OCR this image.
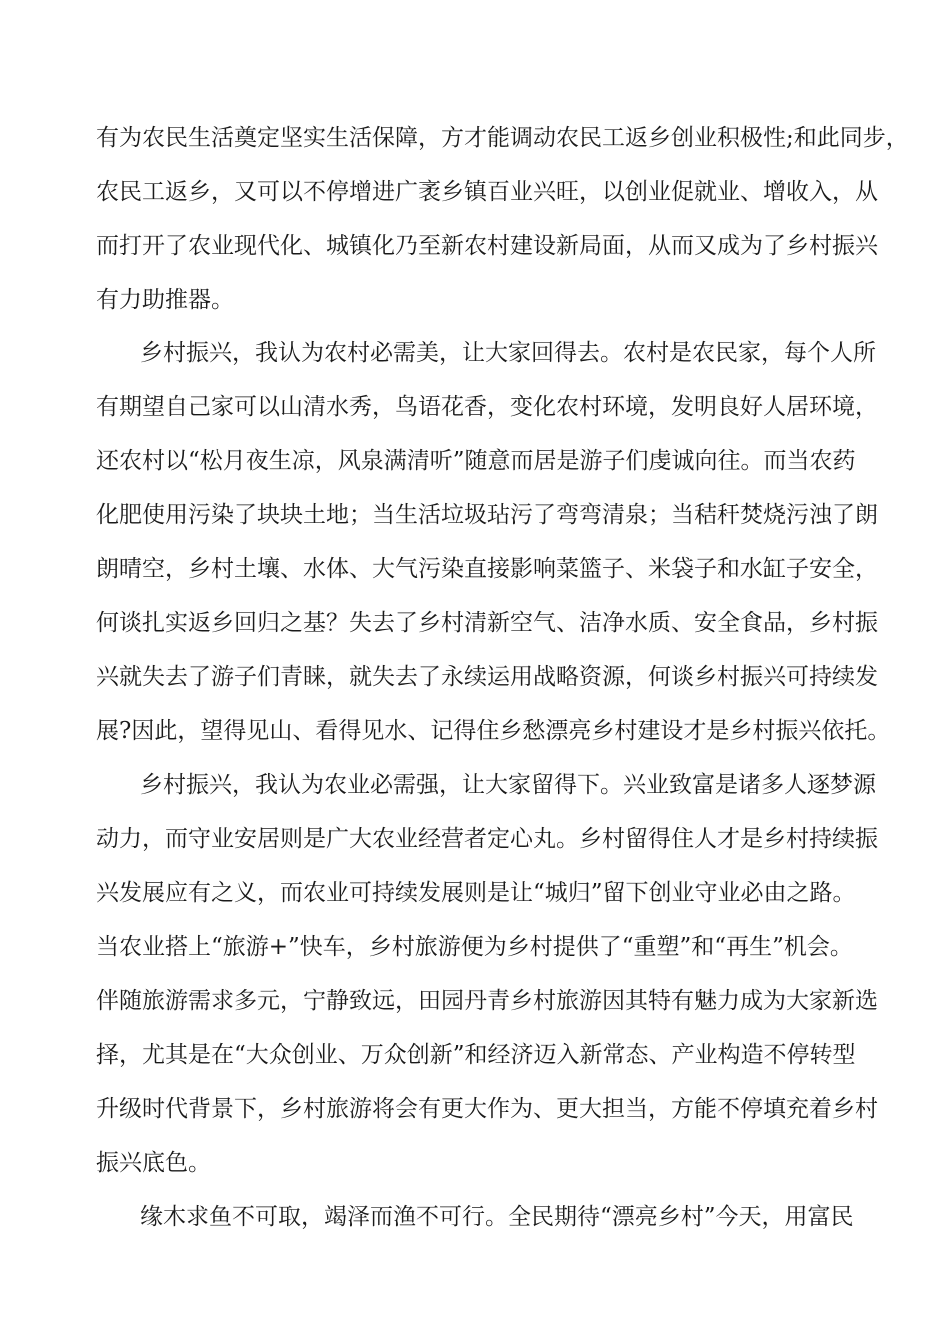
有为农民生活奠定坚实生活保障，方才能调动农民工返乡创业积极性;和此同步，
农民工返乡，又可以不停增进广袤乡镇百业兴旺，以创业促就业、增收入，从
而打开了农业现代化、城镇化乃至新农村建设新局面，从而又成为了乡村振兴
有力助推器。
乡村振兴，我认为农村必需美，让大家回得去。农村是农民家，每个人所
有期望自己家可以山清水秀，鸟语花香，变化农村环境，发明良好人居环境，
还农村以“松月夜生凉，风泉满清听”随意而居是游子们虔诚向往。而当农药
化肥使用污染了块块土地；当生活垃圾玷污了弯弯清泉；当秸秆焚烧污浊了朗
朗晴空，乡村土壤、水体、大气污染直接影响菜篮子、米袋子和水缸子安全，
何谈扎实返乡回归之基？失去了乡村清新空气、洁净水质、安全食品，乡村振
兴就失去了游子们青睐，就失去了永续运用战略资源，何谈乡村振兴可持续发
展?因此，望得见山、看得见水、记得住乡愁漂亮乡村建设才是乡村振兴依托。
乡村振兴，我认为农业必需强，让大家留得下。兴业致富是诸多人逐梦源
动力，而守业安居则是广大农业经营者定心丸。乡村留得住人才是乡村持续振
兴发展应有之义，而农业可持续发展则是让“城归”留下创业守业必由之路。
当农业搭上“旅游+”快车，乡村旅游便为乡村提供了“重塑”和“再生”机会。
伴随旅游需求多元，宁静致远，田园丹青乡村旅游因其特有魅力成为大家新选
择，尤其是在“大众创业、万众创新”和经济迈入新常态、产业构造不停转型
升级时代背景下，乡村旅游将会有更大作为、更大担当，方能不停填充着乡村
振兴底色。
缘木求鱼不可取，竭泽而渔不可行。全民期待“漂亮乡村”今天，用富民
